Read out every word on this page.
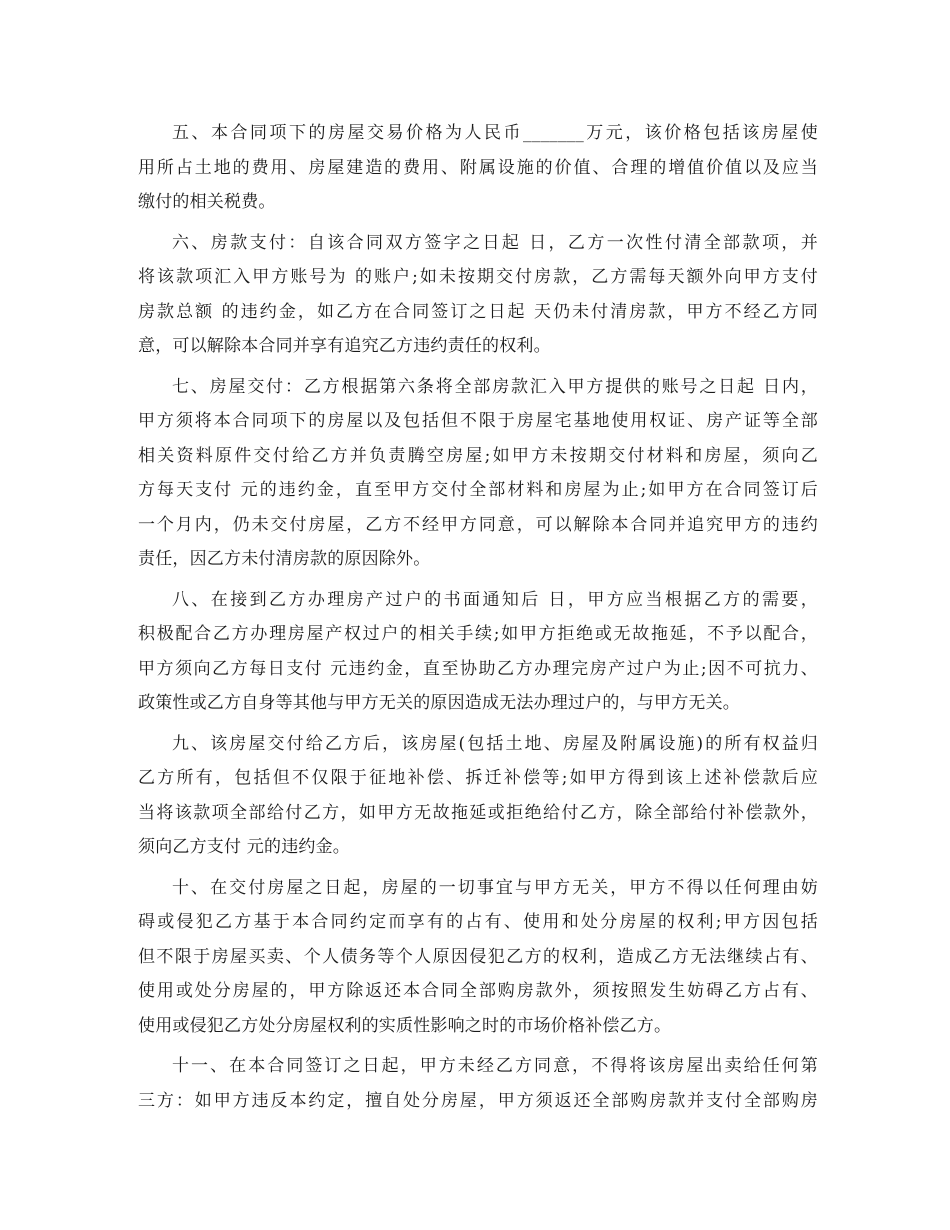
五、本合同项下的房屋交易价格为人民币_______万元，该价格包括该房屋使
用所占土地的费用、房屋建造的费用、附属设施的价值、合理的增值价值以及应当
缴付的相关税费。
六、房款支付：自该合同双方签字之日起 日，乙方一次性付清全部款项，并
将该款项汇入甲方账号为 的账户;如未按期交付房款，乙方需每天额外向甲方支付
房款总额 的违约金，如乙方在合同签订之日起 天仍未付清房款，甲方不经乙方同
意，可以解除本合同并享有追究乙方违约责任的权利。
七、房屋交付：乙方根据第六条将全部房款汇入甲方提供的账号之日起 日内，
甲方须将本合同项下的房屋以及包括但不限于房屋宅基地使用权证、房产证等全部
相关资料原件交付给乙方并负责腾空房屋;如甲方未按期交付材料和房屋，须向乙
方每天支付 元的违约金，直至甲方交付全部材料和房屋为止;如甲方在合同签订后
一个月内，仍未交付房屋，乙方不经甲方同意，可以解除本合同并追究甲方的违约
责任，因乙方未付清房款的原因除外。
八、在接到乙方办理房产过户的书面通知后 日，甲方应当根据乙方的需要，
积极配合乙方办理房屋产权过户的相关手续;如甲方拒绝或无故拖延，不予以配合，
甲方须向乙方每日支付 元违约金，直至协助乙方办理完房产过户为止;因不可抗力、
政策性或乙方自身等其他与甲方无关的原因造成无法办理过户的，与甲方无关。
九、该房屋交付给乙方后，该房屋(包括土地、房屋及附属设施)的所有权益归
乙方所有，包括但不仅限于征地补偿、拆迁补偿等;如甲方得到该上述补偿款后应
当将该款项全部给付乙方，如甲方无故拖延或拒绝给付乙方，除全部给付补偿款外，
须向乙方支付 元的违约金。
十、在交付房屋之日起，房屋的一切事宜与甲方无关，甲方不得以任何理由妨
碍或侵犯乙方基于本合同约定而享有的占有、使用和处分房屋的权利;甲方因包括
但不限于房屋买卖、个人债务等个人原因侵犯乙方的权利，造成乙方无法继续占有、
使用或处分房屋的，甲方除返还本合同全部购房款外，须按照发生妨碍乙方占有、
使用或侵犯乙方处分房屋权利的实质性影响之时的市场价格补偿乙方。
十一、在本合同签订之日起，甲方未经乙方同意，不得将该房屋出卖给任何第
三方：如甲方违反本约定，擅自处分房屋，甲方须返还全部购房款并支付全部购房
